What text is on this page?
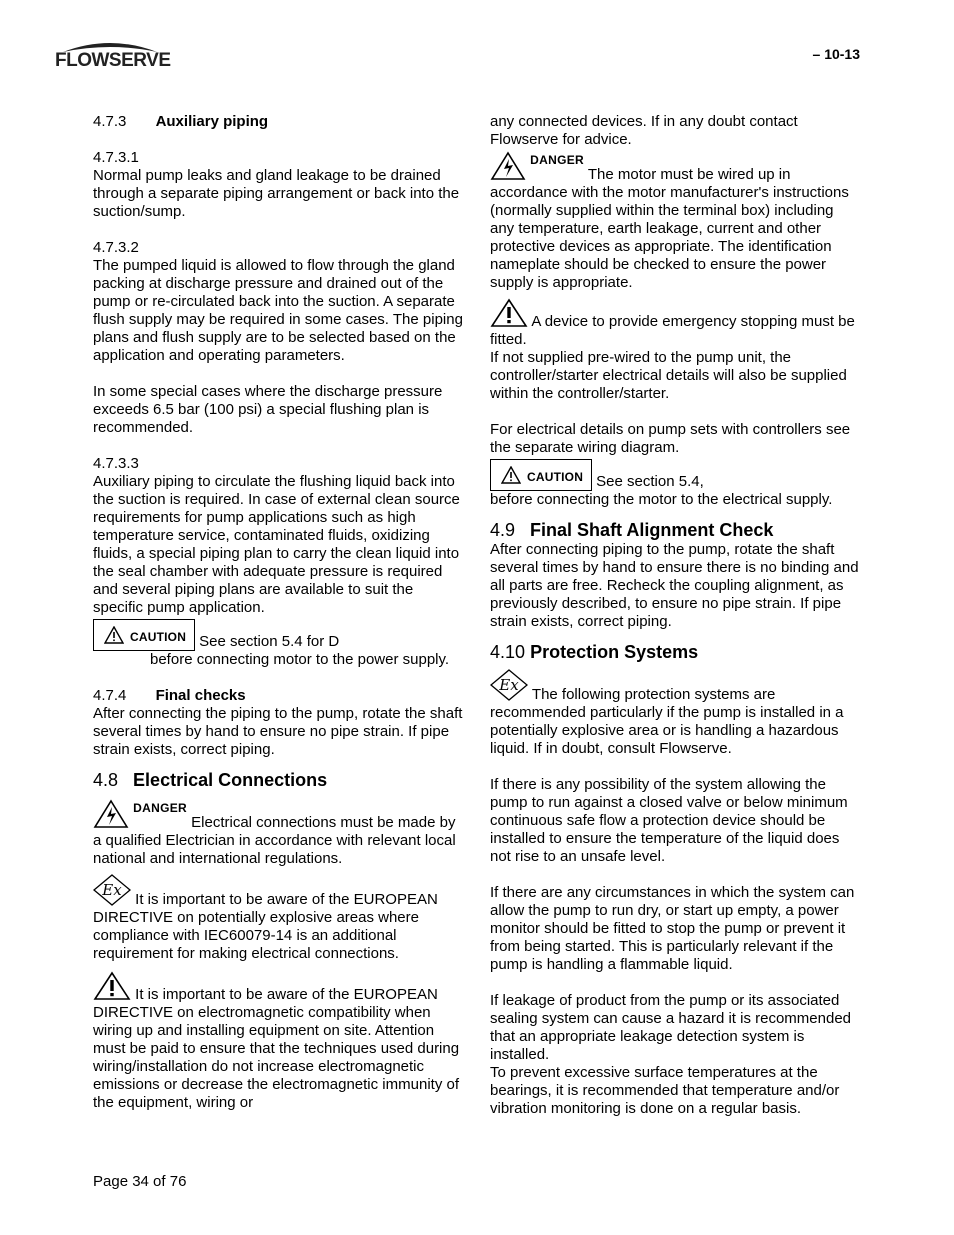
FLOWSERVE	– 10-13

4.7.3 Auxiliary piping

4.7.3.1

Normal pump leaks and gland leakage to be drained through a separate piping arrangement or back into the suction/sump.

4.7.3.2

The pumped liquid is allowed to flow through the gland packing at discharge pressure and drained out of the pump or re-circulated back into the suction. A separate flush supply may be required in some cases. The piping plans and flush supply are to be selected based on the application and operating parameters.

In some special cases where the discharge pressure exceeds 6.5 bar (100 psi) a special flushing plan is recommended.

4.7.3.3

Auxiliary piping to circulate the flushing liquid back into the suction is required. In case of external clean source requirements for pump applications such as high temperature service, contaminated fluids, oxidizing fluids, a special piping plan to carry the clean liquid into the seal chamber with adequate pressure is required and several piping plans are available to suit the specific pump application.

CAUTION See section 5.4 for D

before connecting motor to the power supply.

4.7.4 Final checks

After connecting the piping to the pump, rotate the shaft several times by hand to ensure no pipe strain. If pipe strain exists, correct piping.

4.8 Electrical Connections

$^{DANGER}$ Electrical connections must be made by a qualified Electrician in accordance with relevant local national and international regulations.

Ex
It is important to be aware of the EUROPEAN DIRECTIVE on potentially explosive areas where compliance with IEC60079-14 is an additional requirement for making electrical connections.

It is important to be aware of the EUROPEAN DIRECTIVE on electromagnetic compatibility when wiring up and installing equipment on site. Attention must be paid to ensure that the techniques used during wiring/installation do not increase electromagnetic emissions or decrease the electromagnetic immunity of the equipment, wiring or

any connected devices. If in any doubt contact Flowserve for advice.

$^{DANGER}$ The motor must be wired up in accordance with the motor manufacturer's instructions (normally supplied within the terminal box) including any temperature, earth leakage, current and other protective devices as appropriate. The identification nameplate should be checked to ensure the power supply is appropriate.

A device to provide emergency stopping must be fitted.

If not supplied pre-wired to the pump unit, the controller/starter electrical details will also be supplied within the controller/starter.

For electrical details on pump sets with controllers see the separate wiring diagram.

CAUTION See section 5.4,

before connecting the motor to the electrical supply.

4.9 Final Shaft Alignment Check

After connecting piping to the pump, rotate the shaft several times by hand to ensure there is no binding and all parts are free. Recheck the coupling alignment, as previously described, to ensure no pipe strain. If pipe strain exists, correct piping.

4.10 Protection Systems

Ex
The following protection systems are recommended particularly if the pump is installed in a potentially explosive area or is handling a hazardous liquid. If in doubt, consult Flowserve.

If there is any possibility of the system allowing the pump to run against a closed valve or below minimum continuous safe flow a protection device should be installed to ensure the temperature of the liquid does not rise to an unsafe level.

If there are any circumstances in which the system can allow the pump to run dry, or start up empty, a power monitor should be fitted to stop the pump or prevent it from being started. This is particularly relevant if the pump is handling a flammable liquid.

If leakage of product from the pump or its associated sealing system can cause a hazard it is recommended that an appropriate leakage detection system is installed.

To prevent excessive surface temperatures at the bearings, it is recommended that temperature and/or vibration monitoring is done on a regular basis.

Page 34 of 76
